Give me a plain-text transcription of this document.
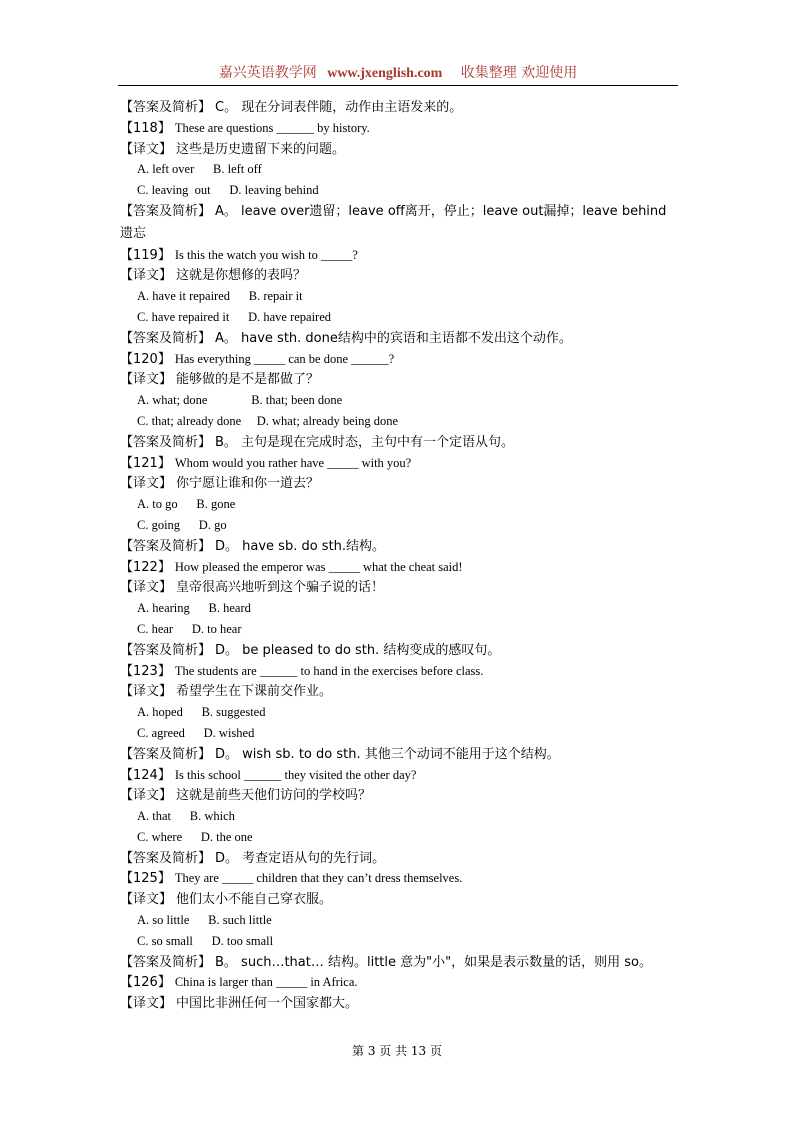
嘉兴英语教学网 www.jxenglish.com 收集整理 欢迎使用
【答案及简析】 C。 现在分词表伴随，动作由主语发来的。
【118】 These are questions ______ by history.
【译文】 这些是历史遗留下来的问题。
A. left over      B. left off
C. leaving  out      D. leaving behind
【答案及简析】 A。 leave over遗留；leave off离开，停止；leave out漏掉；leave behind 遗忘
【119】 Is this the watch you wish to _____?
【译文】 这就是你想修的表吗？
A. have it repaired      B. repair it
C. have repaired it      D. have repaired
【答案及简析】 A。 have sth. done结构中的宾语和主语都不发出这个动作。
【120】 Has everything _____ can be done ______?
【译文】 能够做的是不是都做了？
A. what; done              B. that; been done
C. that; already done     D. what; already being done
【答案及简析】 B。 主句是现在完成时态，主句中有一个定语从句。
【121】 Whom would you rather have _____ with you?
【译文】 你宁愿让谁和你一道去？
A. to go      B. gone
C. going      D. go
【答案及简析】 D。 have sb. do sth.结构。
【122】 How pleased the emperor was _____ what the cheat said!
【译文】 皇帝很高兴地听到这个骗子说的话！
A. hearing      B. heard
C. hear      D. to hear
【答案及简析】 D。 be pleased to do sth. 结构变成的感叹句。
【123】 The students are ______ to hand in the exercises before class.
【译文】 希望学生在下课前交作业。
A. hoped      B. suggested
C. agreed      D. wished
【答案及简析】 D。 wish sb. to do sth. 其他三个动词不能用于这个结构。
【124】 Is this school ______ they visited the other day?
【译文】 这就是前些天他们访问的学校吗？
A. that      B. which
C. where      D. the one
【答案及简析】 D。 考查定语从句的先行词。
【125】 They are _____ children that they can’t dress themselves.
【译文】 他们太小不能自己穿衣服。
A. so little      B. such little
C. so small      D. too small
【答案及简析】 B。 such…that… 结构。little 意为"小"，如果是表示数量的话，则用 so。
【126】 China is larger than _____ in Africa.
【译文】 中国比非洲任何一个国家都大。
第 3 页 共 13 页
